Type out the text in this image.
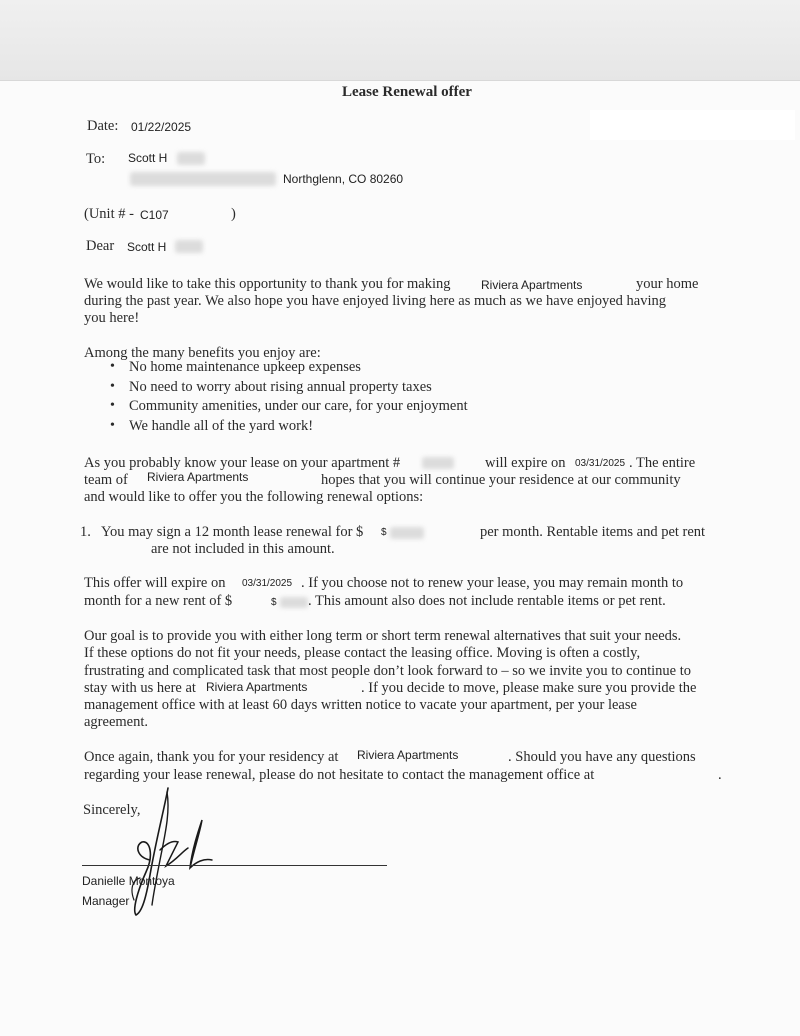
Lease Renewal offer
Date: 01/22/2025
To: Scott H
Northglenn, CO 80260
(Unit # - C107	)
Dear Scott H
We would like to take this opportunity to thank you for making	Riviera Apartments	your home
during the past year. We also hope you have enjoyed living here as much as we have enjoyed having
you here!
Among the many benefits you enjoy are:
• No home maintenance upkeep expenses
• No need to worry about rising annual property taxes
• Community amenities, under our care, for your enjoyment
• We handle all of the yard work!
As you probably know your lease on your apartment #	will expire on 03/31/2025 . The entire
team of Riviera Apartments	hopes that you will continue your residence at our community
and would like to offer you the following renewal options:
1. You may sign a 12 month lease renewal for $ $	per month. Rentable items and pet rent
are not included in this amount.
This offer will expire on 03/31/2025 . If you choose not to renew your lease, you may remain month to
month for a new rent of $	$ . This amount also does not include rentable items or pet rent.
Our goal is to provide you with either long term or short term renewal alternatives that suit your needs.
If these options do not fit your needs, please contact the leasing office. Moving is often a costly,
frustrating and complicated task that most people don’t look forward to – so we invite you to continue to
stay with us here at Riviera Apartments	. If you decide to move, please make sure you provide the
management office with at least 60 days written notice to vacate your apartment, per your lease
agreement.
Once again, thank you for your residency at Riviera Apartments	. Should you have any questions
regarding your lease renewal, please do not hesitate to contact the management office at	.
Sincerely,
Danielle Montoya
Manager
